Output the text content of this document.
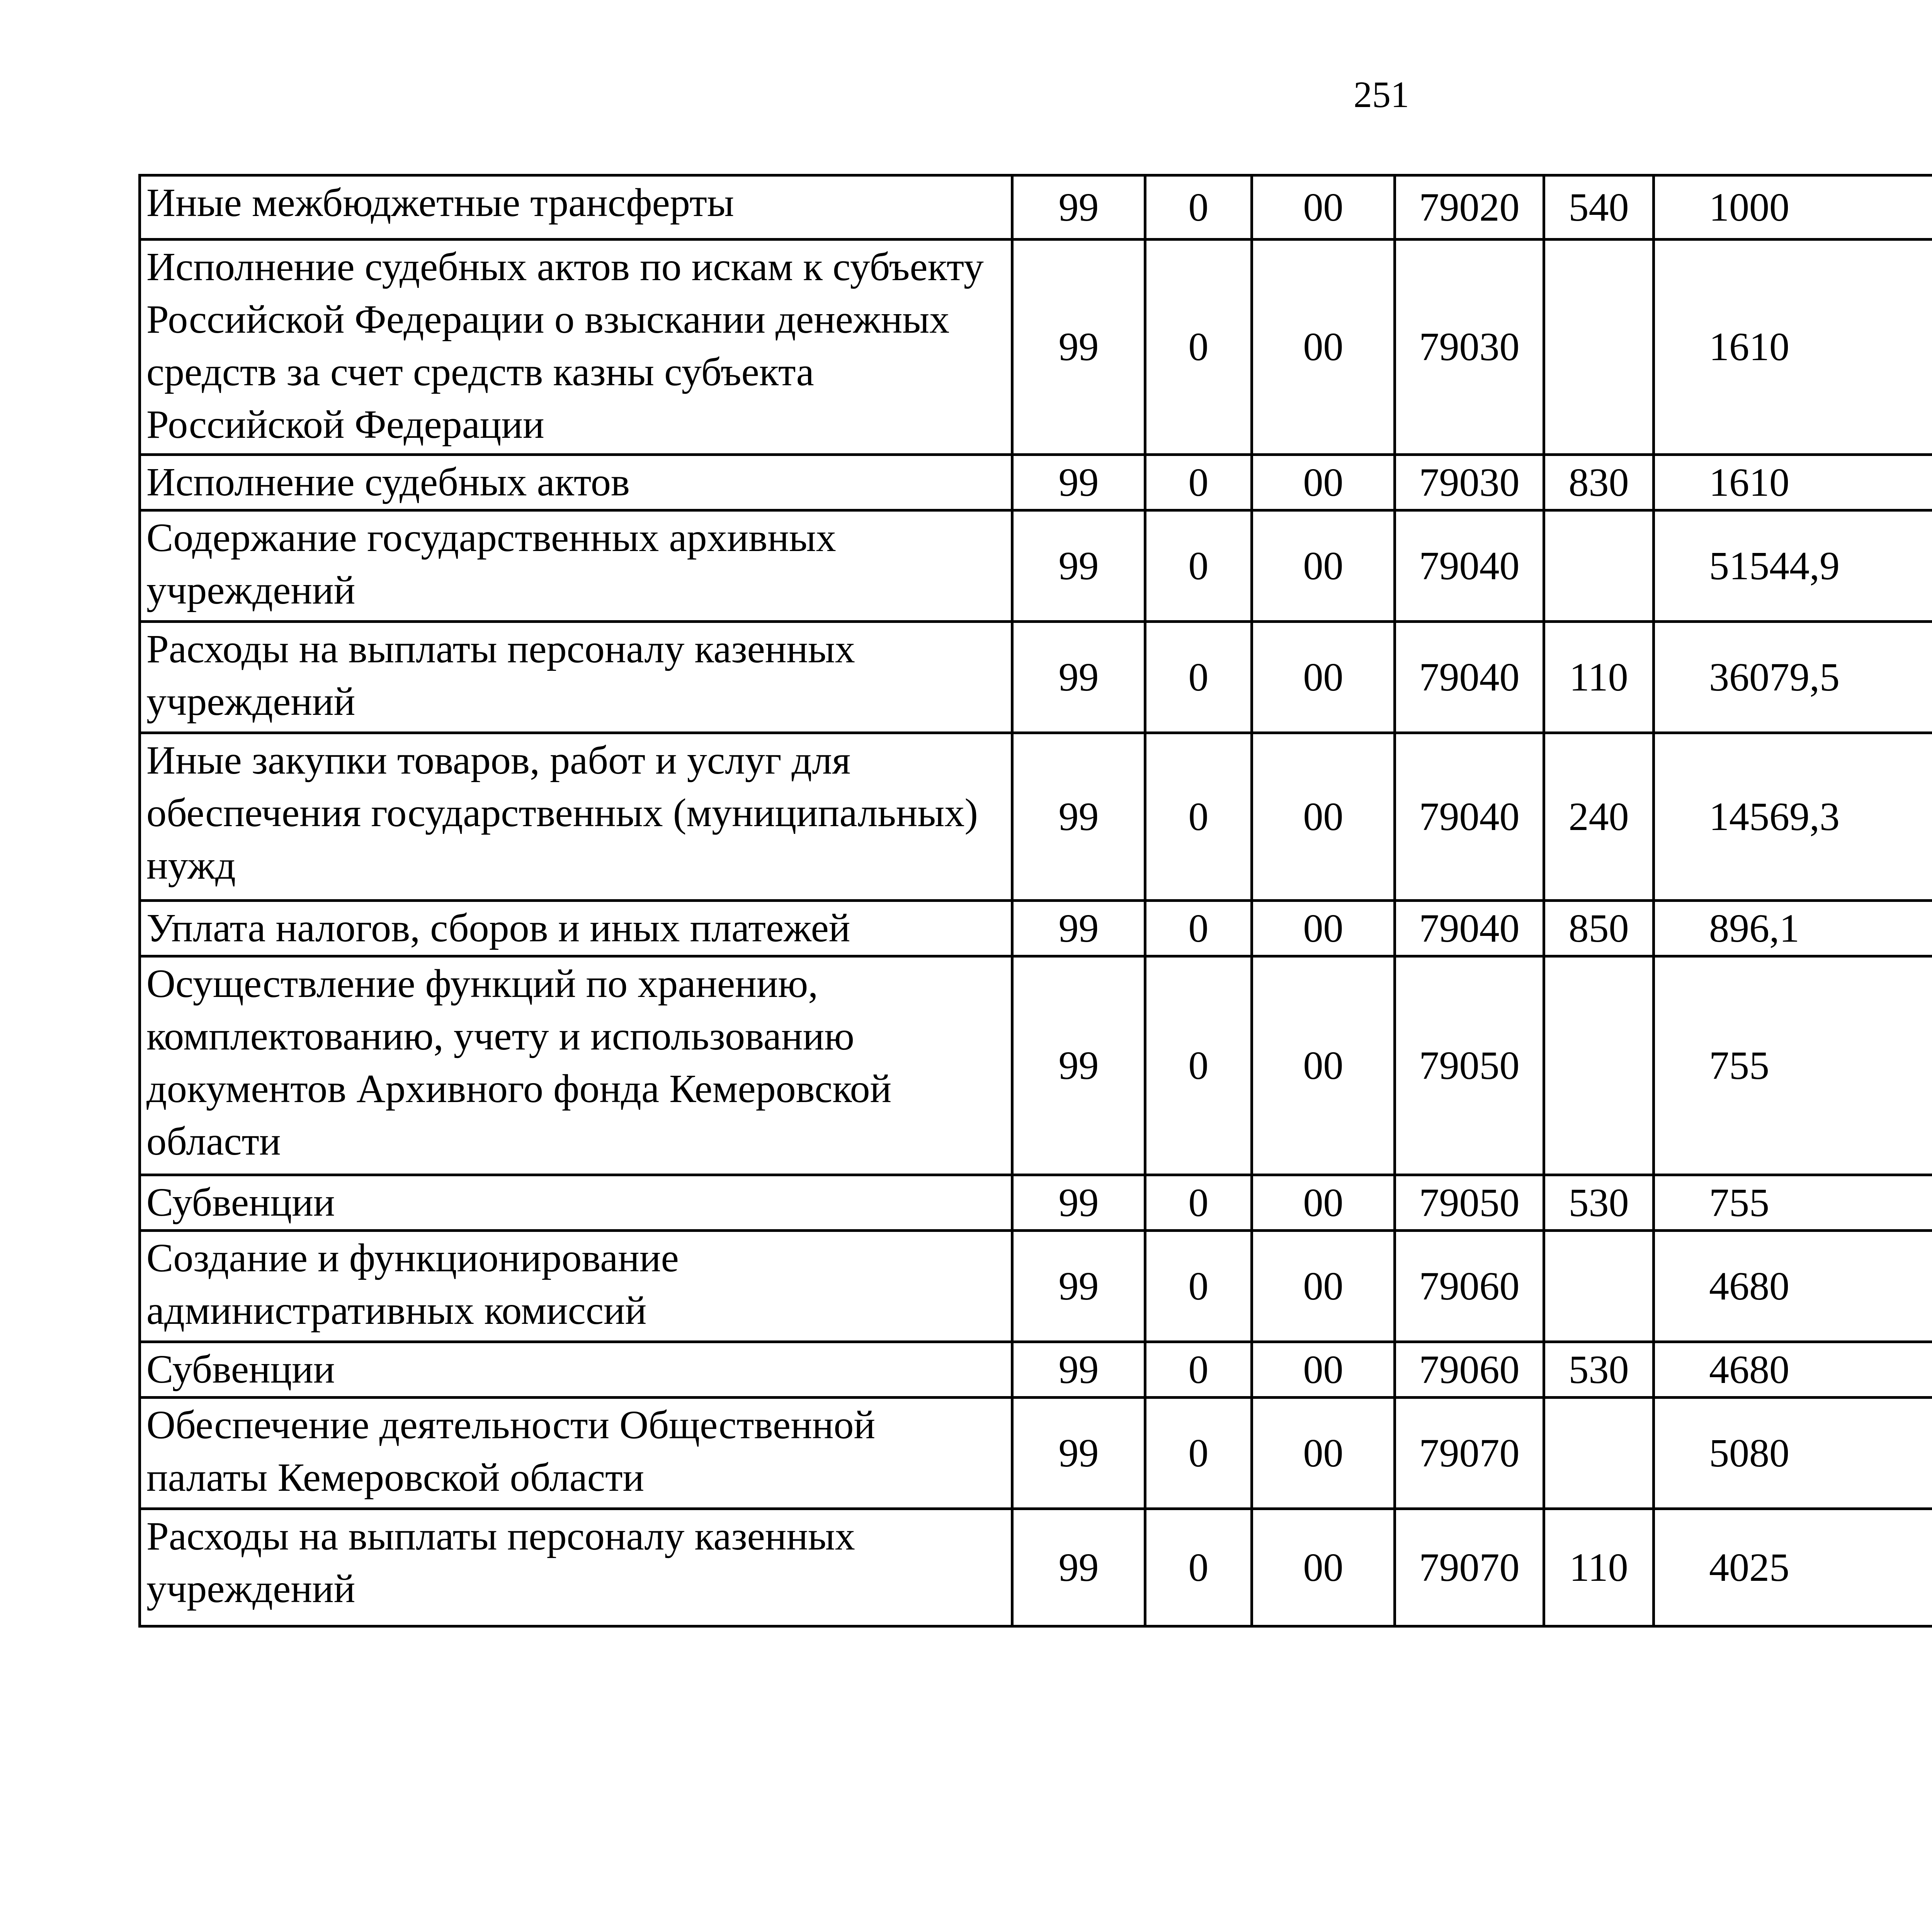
251
Иные межбюджетные трансферты	99	0	00	79020	540	1000		
Исполнение судебных актов по искам к субъекту Российской Федерации о взыскании денежных средств за счет средств казны субъекта Российской Федерации	99	0	00	79030		1610		
Исполнение судебных актов	99	0	00	79030	830	1610		
Содержание государственных архивных учреждений	99	0	00	79040		51544,9		
Расходы на выплаты персоналу казенных учреждений	99	0	00	79040	110	36079,5		
Иные закупки товаров, работ и услуг для обеспечения государственных (муниципальных) нужд	99	0	00	79040	240	14569,3		
Уплата налогов, сборов и иных платежей	99	0	00	79040	850	896,1		
Осуществление функций по хранению, комплектованию, учету и использованию документов Архивного фонда Кемеровской области	99	0	00	79050		755		
Субвенции	99	0	00	79050	530	755		
Создание и функционирование административных комиссий	99	0	00	79060		4680		
Субвенции	99	0	00	79060	530	4680		
Обеспечение деятельности Общественной палаты Кемеровской области	99	0	00	79070		5080		
Расходы на выплаты персоналу казенных учреждений	99	0	00	79070	110	4025		
